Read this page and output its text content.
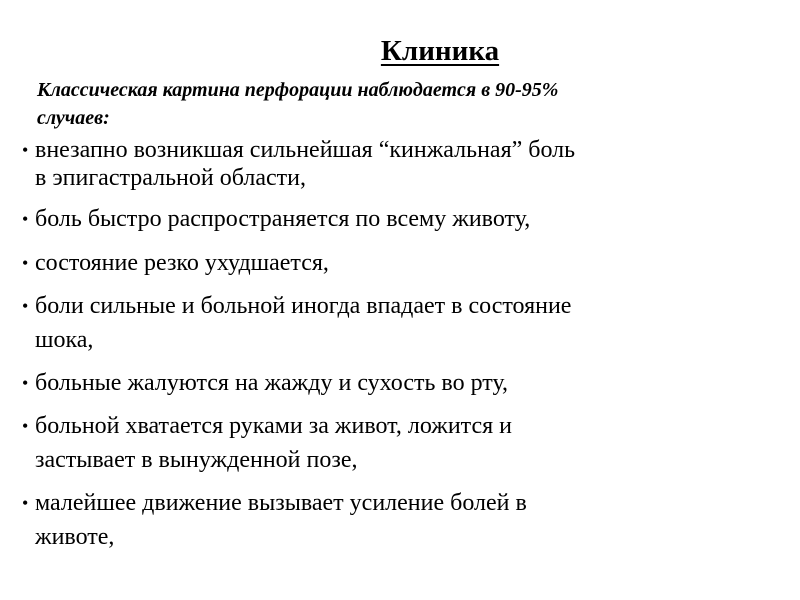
Клиника
Классическая картина перфорации наблюдается в 90-95%
случаев:
• внезапно возникшая сильнейшая “кинжальная” боль
в эпигастральной области,
• боль быстро распространяется по всему животу,
• состояние резко ухудшается,
• боли сильные и больной иногда впадает в состояние
шока,
• больные жалуются на жажду и сухость во рту,
• больной хватается руками за живот, ложится и
застывает в вынужденной позе,
• малейшее движение вызывает усиление болей в
животе,
